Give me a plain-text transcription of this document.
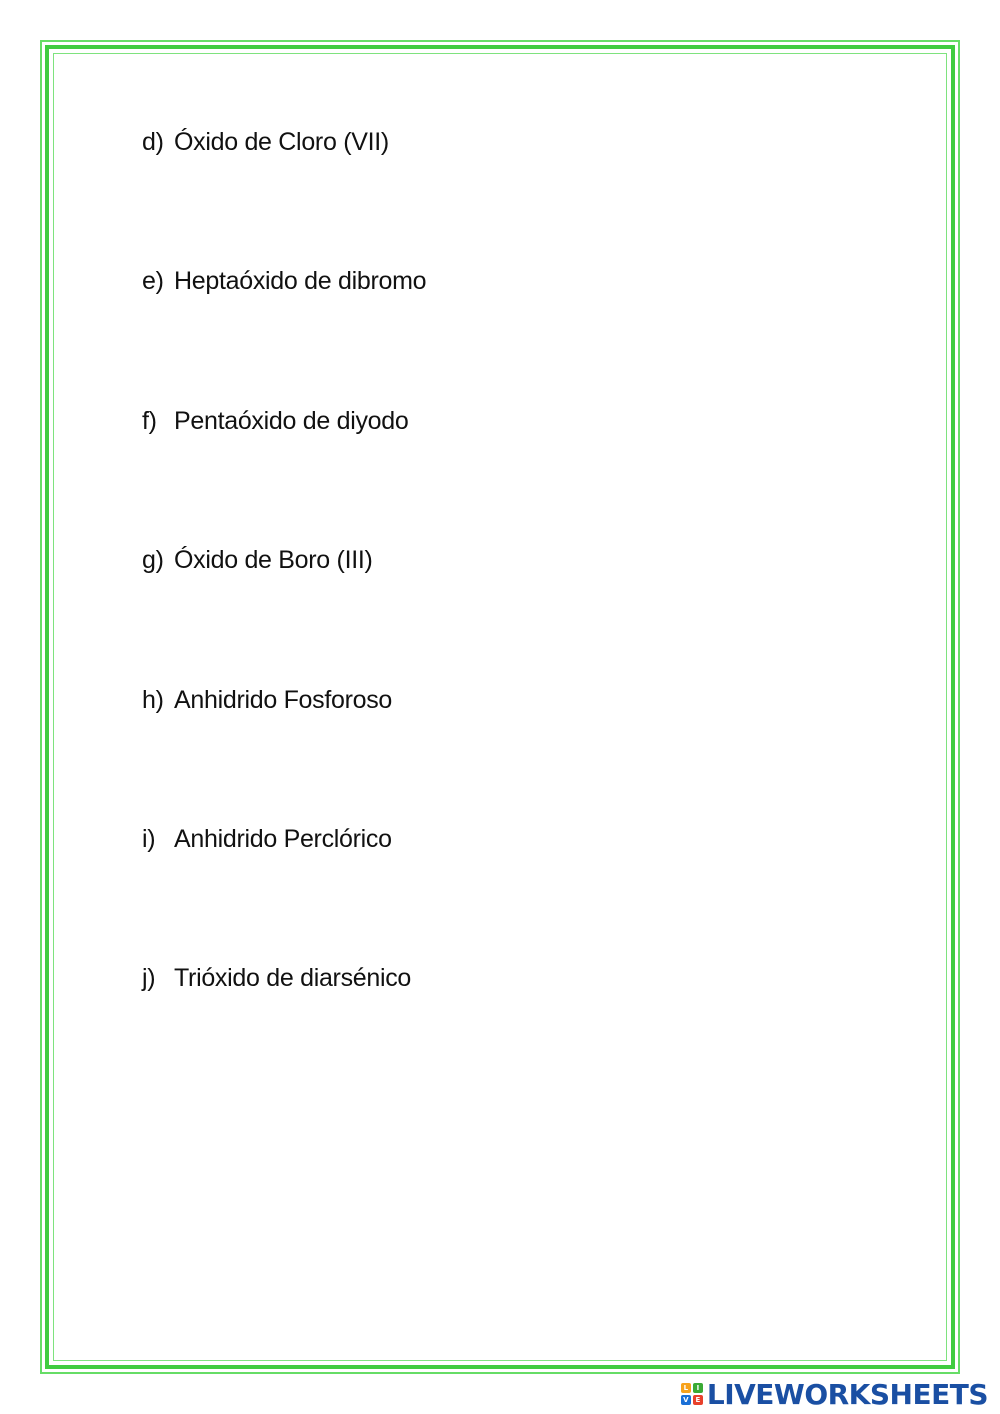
d) Óxido de Cloro (VII)
e) Heptaóxido de dibromo
f) Pentaóxido de diyodo
g) Óxido de Boro (III)
h) Anhidrido Fosforoso
i) Anhidrido Perclórico
j) Trióxido de diarsénico
L	I
V E LIVEWORKSHEETS
